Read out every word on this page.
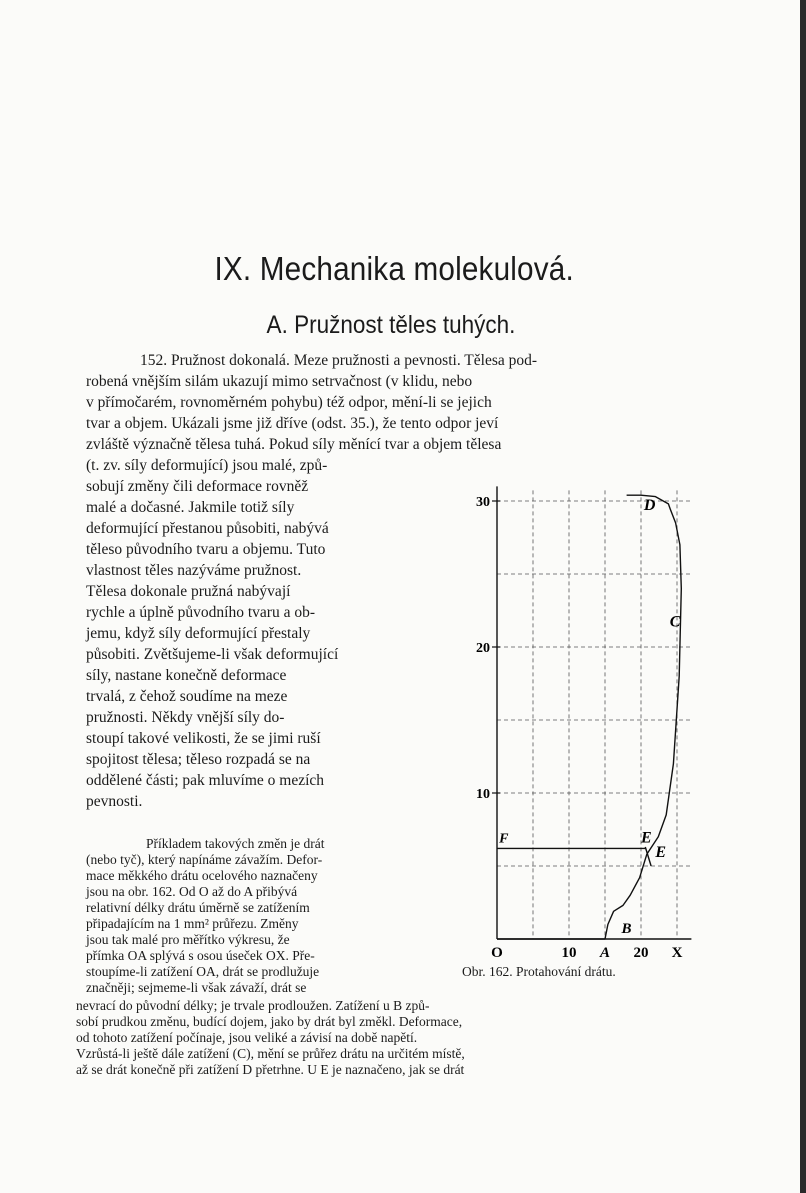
IX. Mechanika molekulová.
A. Pružnost těles tuhých.
152. Pružnost dokonalá. Meze pružnosti a pevnosti. Tělesa pod-
robená vnějším silám ukazují mimo setrvačnost (v klidu, nebo
v přímočarém, rovnoměrném pohybu) též odpor, mění-li se jejich
tvar a objem. Ukázali jsme již dříve (odst. 35.), že tento odpor jeví
zvláště význačně tělesa tuhá. Pokud síly měnící tvar a objem tělesa
(t. zv. síly deformující) jsou malé, způ-
sobují změny čili deformace rovněž
malé a dočasné. Jakmile totiž síly
deformující přestanou působiti, nabývá
těleso původního tvaru a objemu. Tuto
vlastnost těles nazýváme pružnost.
Tělesa dokonale pružná nabývají
rychle a úplně původního tvaru a ob-
jemu, když síly deformující přestaly
působiti. Zvětšujeme-li však deformující
síly, nastane konečně deformace
trvalá, z čehož soudíme na meze
pružnosti. Někdy vnější síly do-
stoupí takové velikosti, že se jimi ruší
spojitost tělesa; těleso rozpadá se na
oddělené části; pak mluvíme o mezích
pevnosti.
Příkladem takových změn je drát
(nebo tyč), který napínáme závažím. Defor-
mace měkkého drátu ocelového naznačeny
jsou na obr. 162. Od O až do A přibývá
relativní délky drátu úměrně se zatížením
připadajícím na 1 mm² průřezu. Změny
jsou tak malé pro měřítko výkresu, že
přímka OA splývá s osou úseček OX. Pře-
stoupíme-li zatížení OA, drát se prodlužuje
značněji; sejmeme-li však závaží, drát se
nevrací do původní délky; je trvale prodloužen. Zatížení u B způ-
sobí prudkou změnu, budící dojem, jako by drát byl změkl. Deformace,
od tohoto zatížení počínaje, jsou veliké a závisí na době napětí.
Vzrůstá-li ještě dále zatížení (C), mění se průřez drátu na určitém místě,
až se drát konečně při zatížení D přetrhne. U E je naznačeno, jak se drát
10
20
30
O	10 A 20 X
D
C
E
E
B
F
Obr. 162. Protahování drátu.
